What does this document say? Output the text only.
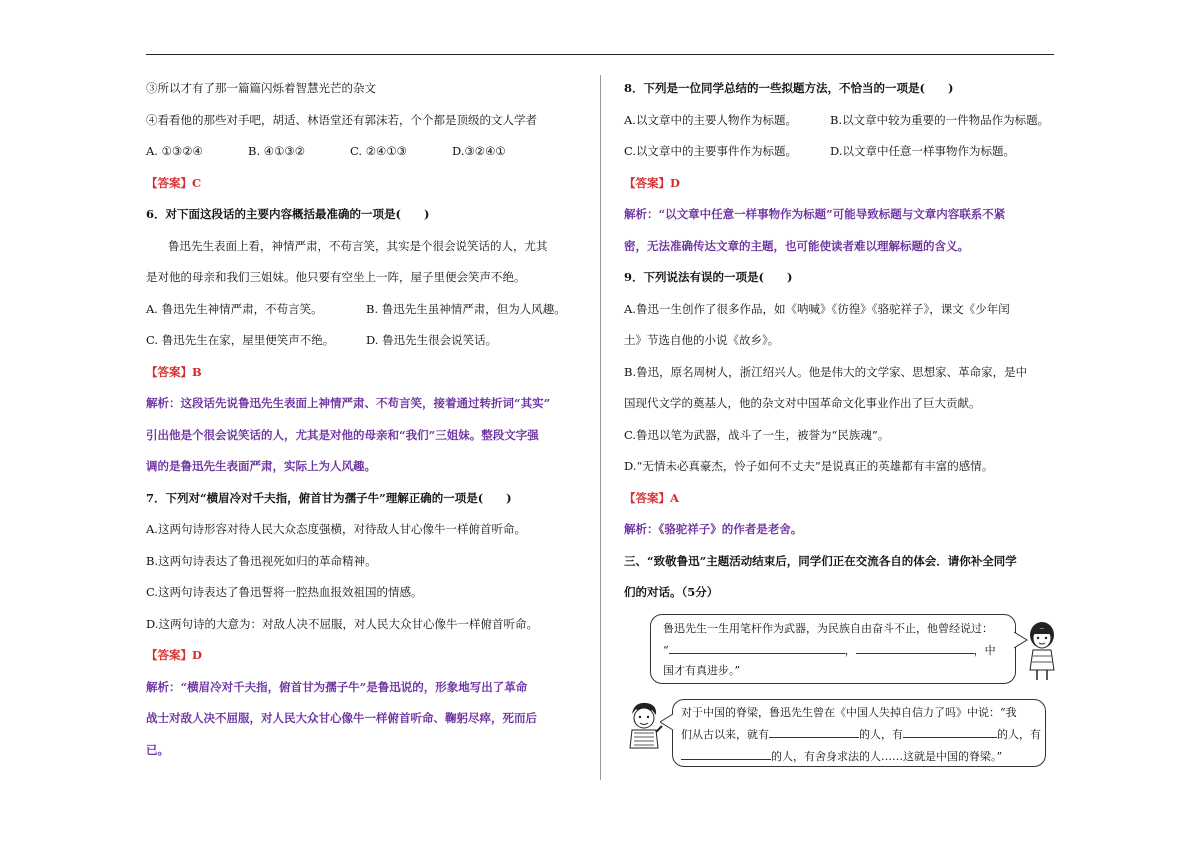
③所以才有了那一篇篇闪烁着智慧光芒的杂文
④看看他的那些对手吧，胡适、林语堂还有郭沫若，个个都是顶级的文人学者
A. ①③②④	B. ④①③②	C. ②④①③	D.③②④①
【答案】C
6．对下面这段话的主要内容概括最准确的一项是(　　)
鲁迅先生表面上看，神情严肃，不苟言笑，其实是个很会说笑话的人，尤其
是对他的母亲和我们三姐妹。他只要有空坐上一阵，屋子里便会笑声不绝。
A. 鲁迅先生神情严肃，不苟言笑。	B. 鲁迅先生虽神情严肃，但为人风趣。
C. 鲁迅先生在家，屋里便笑声不绝。	D. 鲁迅先生很会说笑话。
【答案】B
解析：这段话先说鲁迅先生表面上神情严肃、不苟言笑，接着通过转折词“其实”
引出他是个很会说笑话的人，尤其是对他的母亲和“我们”三姐妹。整段文字强
调的是鲁迅先生表面严肃，实际上为人风趣。
7．下列对“横眉冷对千夫指，俯首甘为孺子牛”理解正确的一项是(　　)
A.这两句诗形容对待人民大众态度强横，对待敌人甘心像牛一样俯首听命。
B.这两句诗表达了鲁迅视死如归的革命精神。
C.这两句诗表达了鲁迅誓将一腔热血报效祖国的情感。
D.这两句诗的大意为：对敌人决不屈服，对人民大众甘心像牛一样俯首听命。
【答案】D
解析：“横眉冷对千夫指，俯首甘为孺子牛”是鲁迅说的，形象地写出了革命
战士对敌人决不屈服，对人民大众甘心像牛一样俯首听命、鞠躬尽瘁，死而后
已。
8．下列是一位同学总结的一些拟题方法，不恰当的一项是(　　)
A.以文章中的主要人物作为标题。	B.以文章中较为重要的一件物品作为标题。
C.以文章中的主要事件作为标题。	D.以文章中任意一样事物作为标题。
【答案】D
解析：“以文章中任意一样事物作为标题”可能导致标题与文章内容联系不紧
密，无法准确传达文章的主题，也可能使读者难以理解标题的含义。
9．下列说法有误的一项是(　　)
A.鲁迅一生创作了很多作品，如《呐喊》《彷徨》《骆驼祥子》，课文《少年闰
土》节选自他的小说《故乡》。
B.鲁迅，原名周树人，浙江绍兴人。他是伟大的文学家、思想家、革命家，是中
国现代文学的奠基人，他的杂文对中国革命文化事业作出了巨大贡献。
C.鲁迅以笔为武器，战斗了一生，被誉为“民族魂”。
D.“无情未必真豪杰，怜子如何不丈夫”是说真正的英雄都有丰富的感情。
【答案】A
解析：《骆驼祥子》的作者是老舍。
三、“致敬鲁迅”主题活动结束后，同学们正在交流各自的体会．请你补全同学
们的对话。（5分）
鲁迅先生一生用笔杆作为武器，为民族自由奋斗不止，他曾经说过：
“	，	，中
国才有真进步。”
对于中国的脊梁，鲁迅先生曾在《中国人失掉自信力了吗》中说：“我
们从古以来，就有	的人，有	的人，有
的人，有舍身求法的人……这就是中国的脊梁。”
